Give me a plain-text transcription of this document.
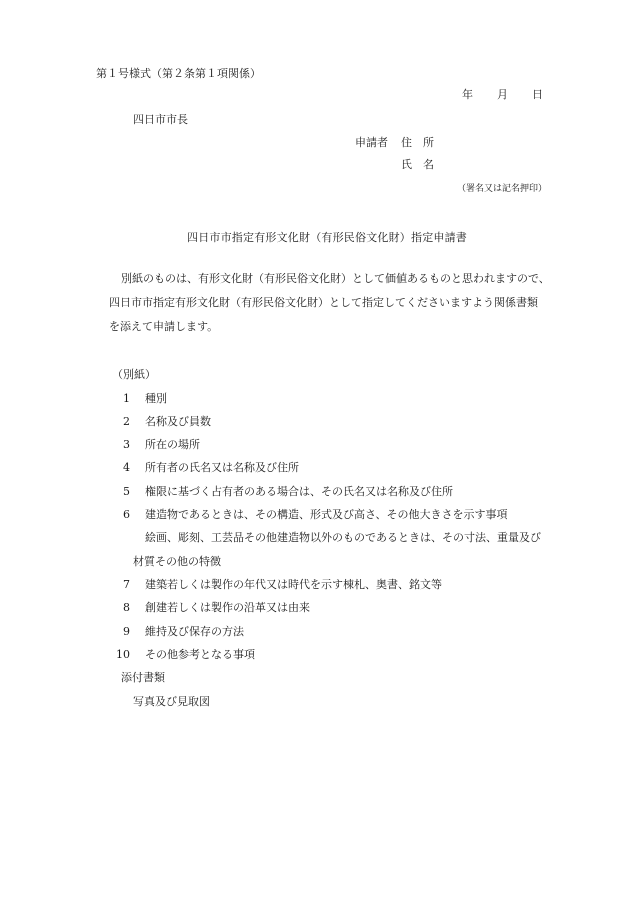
第１号様式（第２条第１項関係）
年 月 日
四日市市長
申請者 住　所
氏　名
（署名又は記名押印）
四日市市指定有形文化財（有形民俗文化財）指定申請書
別紙のものは、有形文化財（有形民俗文化財）として価値あるものと思われますので、
四日市市指定有形文化財（有形民俗文化財）として指定してくださいますよう関係書類
を添えて申請します。
（別紙）
1 種別
2 名称及び員数
3 所在の場所
4 所有者の氏名又は名称及び住所
5 権限に基づく占有者のある場合は、その氏名又は名称及び住所
6 建造物であるときは、その構造、形式及び高さ、その他大きさを示す事項
絵画、彫刻、工芸品その他建造物以外のものであるときは、その寸法、重量及び
材質その他の特徴
7 建築若しくは製作の年代又は時代を示す棟札、奥書、銘文等
8 創建若しくは製作の沿革又は由来
9 維持及び保存の方法
10 その他参考となる事項
添付書類
写真及び見取図
